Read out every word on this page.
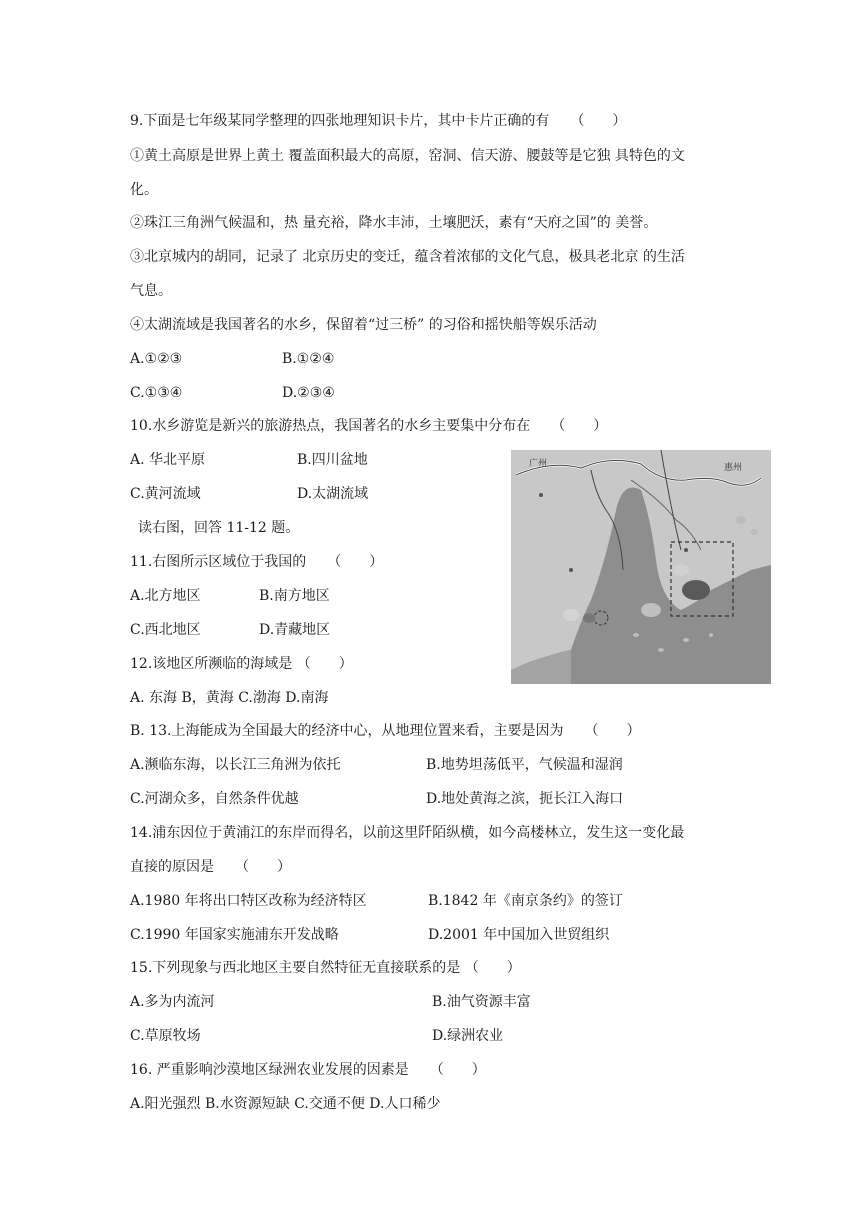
9.下面是七年级某同学整理的四张地理知识卡片，其中卡片正确的有　　（　　）
①黄土高原是世界上黄土 覆盖面积最大的高原，窑洞、信天游、腰鼓等是它独 具特色的文
化。
②珠江三角洲气候温和，热 量充裕，降水丰沛，土壤肥沃，素有“天府之国”的 美誉。
③北京城内的胡同，记录了 北京历史的变迁，蕴含着浓郁的文化气息，极具老北京 的生活
气息。
④太湖流域是我国著名的水乡，保留着“过三桥” 的习俗和摇快船等娱乐活动
A.①②③	B.①②④
C.①③④	D.②③④
10.水乡游览是新兴的旅游热点，我国著名的水乡主要集中分布在　　（　　）
A. 华北平原	B.四川盆地
C.黄河流域	D.太湖流域
读右图，回答 11-12 题。
广州	惠州
11.右图所示区域位于我国的　　（　　）
A.北方地区	B.南方地区
C.西北地区	D.青藏地区
12.该地区所濒临的海域是 （　　）
A. 东海 B，黄海 C.渤海 D.南海
B. 13.上海能成为全国最大的经济中心，从地理位置来看，主要是因为　　（　　）
A.濒临东海，以长江三角洲为依托	B.地势坦荡低平，气候温和湿润
C.河湖众多，自然条件优越	D.地处黄海之滨，扼长江入海口
14.浦东因位于黄浦江的东岸而得名，以前这里阡陌纵横，如今高楼林立，发生这一变化最
直接的原因是　　（　　）
A.1980 年将出口特区改称为经济特区	B.1842 年《南京条约》的签订
C.1990 年国家实施浦东开发战略	D.2001 年中国加入世贸组织
15.下列现象与西北地区主要自然特征无直接联系的是 （　　）
A.多为内流河	B.油气资源丰富
C.草原牧场	D.绿洲农业
16. 严重影响沙漠地区绿洲农业发展的因素是　　（　　）
A.阳光强烈 B.水资源短缺 C.交通不便 D.人口稀少
